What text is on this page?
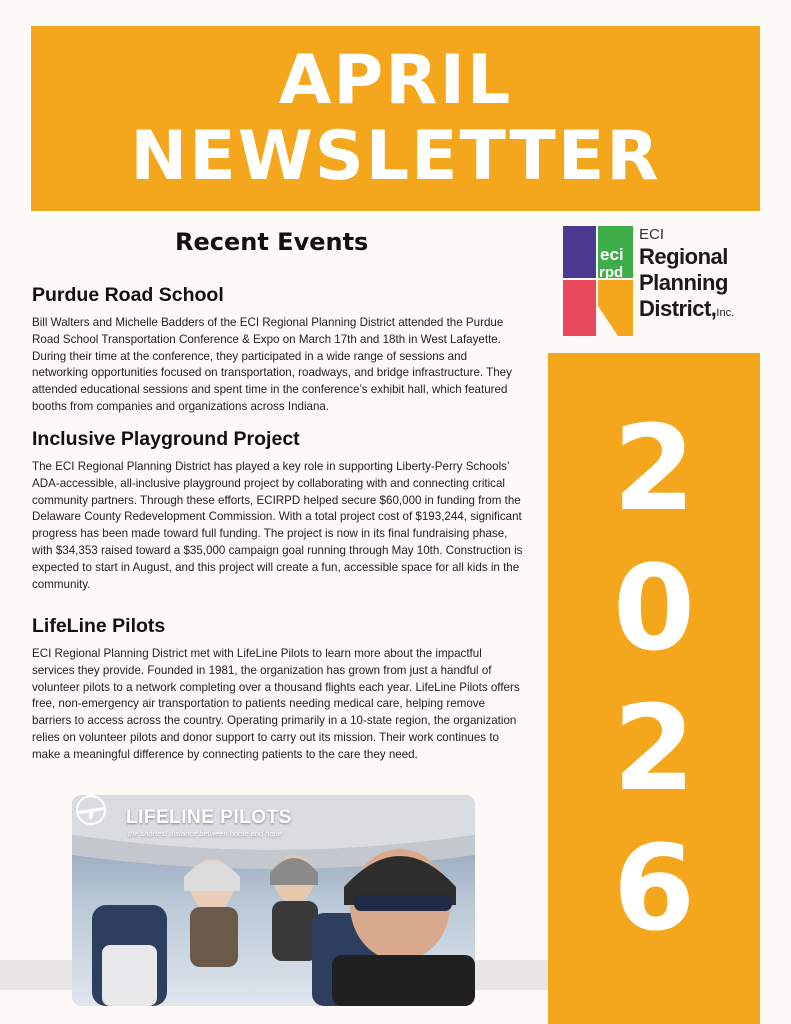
APRIL
NEWSLETTER
Recent Events
Purdue Road School

Bill Walters and Michelle Badders of the ECI Regional Planning District attended the Purdue Road School Transportation Conference & Expo on March 17th and 18th in West Lafayette. During their time at the conference, they participated in a wide range of sessions and networking opportunities focused on transportation, roadways, and bridge infrastructure. They attended educational sessions and spent time in the conference’s exhibit hall, which featured booths from companies and organizations across Indiana.

Inclusive Playground Project

The ECI Regional Planning District has played a key role in supporting Liberty-Perry Schools’ ADA-accessible, all-inclusive playground project by collaborating with and connecting critical community partners. Through these efforts, ECIRPD helped secure $60,000 in funding from the Delaware County Redevelopment Commission. With a total project cost of $193,244, significant progress has been made toward full funding. The project is now in its final fundraising phase, with $34,353 raised toward a $35,000 campaign goal running through May 10th. Construction is expected to start in August, and this project will create a fun, accessible space for all kids in the community.

LifeLine Pilots

ECI Regional Planning District met with LifeLine Pilots to learn more about the impactful services they provide. Founded in 1981, the organization has grown from just a handful of volunteer pilots to a network completing over a thousand flights each year. LifeLine Pilots offers free, non-emergency air transportation to patients needing medical care, helping remove barriers to access across the country. Operating primarily in a 10-state region, the organization relies on volunteer pilots and donor support to carry out its mission. Their work continues to make a meaningful difference by connecting patients to the care they need.

eci
rpd
ECI
Regional
Planning
District,Inc.
2
0
2
6
LIFELINE PILOTS
the shortest distance between home and hope
